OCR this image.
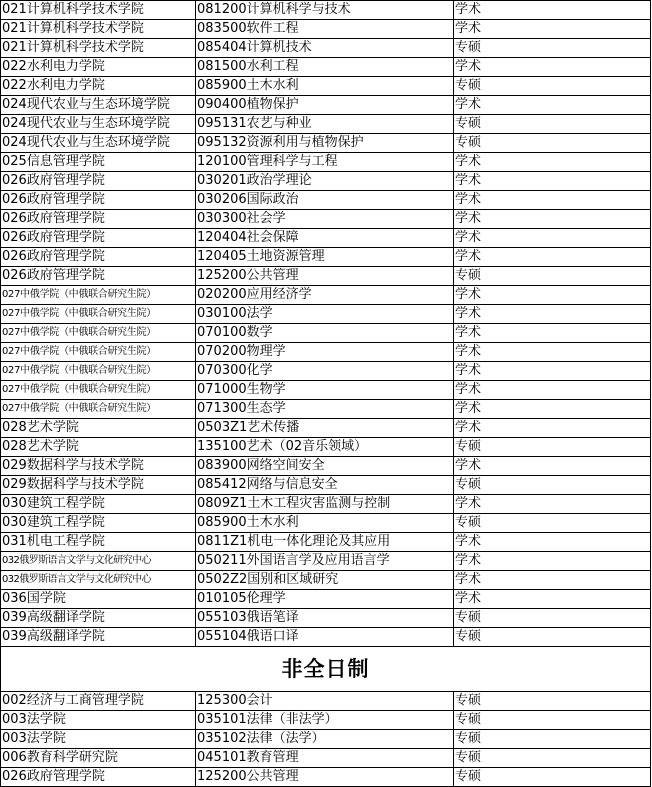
021计算机科学技术学院	081200计算机科学与技术	学术
021计算机科学技术学院	083500软件工程	学术
021计算机科学技术学院	085404计算机技术	专硕
022水利电力学院	081500水利工程	学术
022水利电力学院	085900土木水利	专硕
024现代农业与生态环境学院	090400植物保护	学术
024现代农业与生态环境学院	095131农艺与种业	专硕
024现代农业与生态环境学院	095132资源利用与植物保护	专硕
025信息管理学院	120100管理科学与工程	学术
026政府管理学院	030201政治学理论	学术
026政府管理学院	030206国际政治	学术
026政府管理学院	030300社会学	学术
026政府管理学院	120404社会保障	学术
026政府管理学院	120405土地资源管理	学术
026政府管理学院	125200公共管理	专硕
027中俄学院（中俄联合研究生院）	020200应用经济学	学术
027中俄学院（中俄联合研究生院）	030100法学	学术
027中俄学院（中俄联合研究生院）	070100数学	学术
027中俄学院（中俄联合研究生院）	070200物理学	学术
027中俄学院（中俄联合研究生院）	070300化学	学术
027中俄学院（中俄联合研究生院）	071000生物学	学术
027中俄学院（中俄联合研究生院）	071300生态学	学术
028艺术学院	0503Z1艺术传播	学术
028艺术学院	135100艺术（02音乐领域）	专硕
029数据科学与技术学院	083900网络空间安全	学术
029数据科学与技术学院	085412网络与信息安全	专硕
030建筑工程学院	0809Z1土木工程灾害监测与控制	学术
030建筑工程学院	085900土木水利	专硕
031机电工程学院	0811Z1机电一体化理论及其应用	学术
032俄罗斯语言文学与文化研究中心	050211外国语言学及应用语言学	学术
032俄罗斯语言文学与文化研究中心	0502Z2国别和区域研究	学术
036国学院	010105伦理学	学术
039高级翻译学院	055103俄语笔译	专硕
039高级翻译学院	055104俄语口译	专硕
非全日制		
002经济与工商管理学院	125300会计	专硕
003法学院	035101法律（非法学）	专硕
003法学院	035102法律（法学）	专硕
006教育科学研究院	045101教育管理	专硕
026政府管理学院	125200公共管理	专硕
